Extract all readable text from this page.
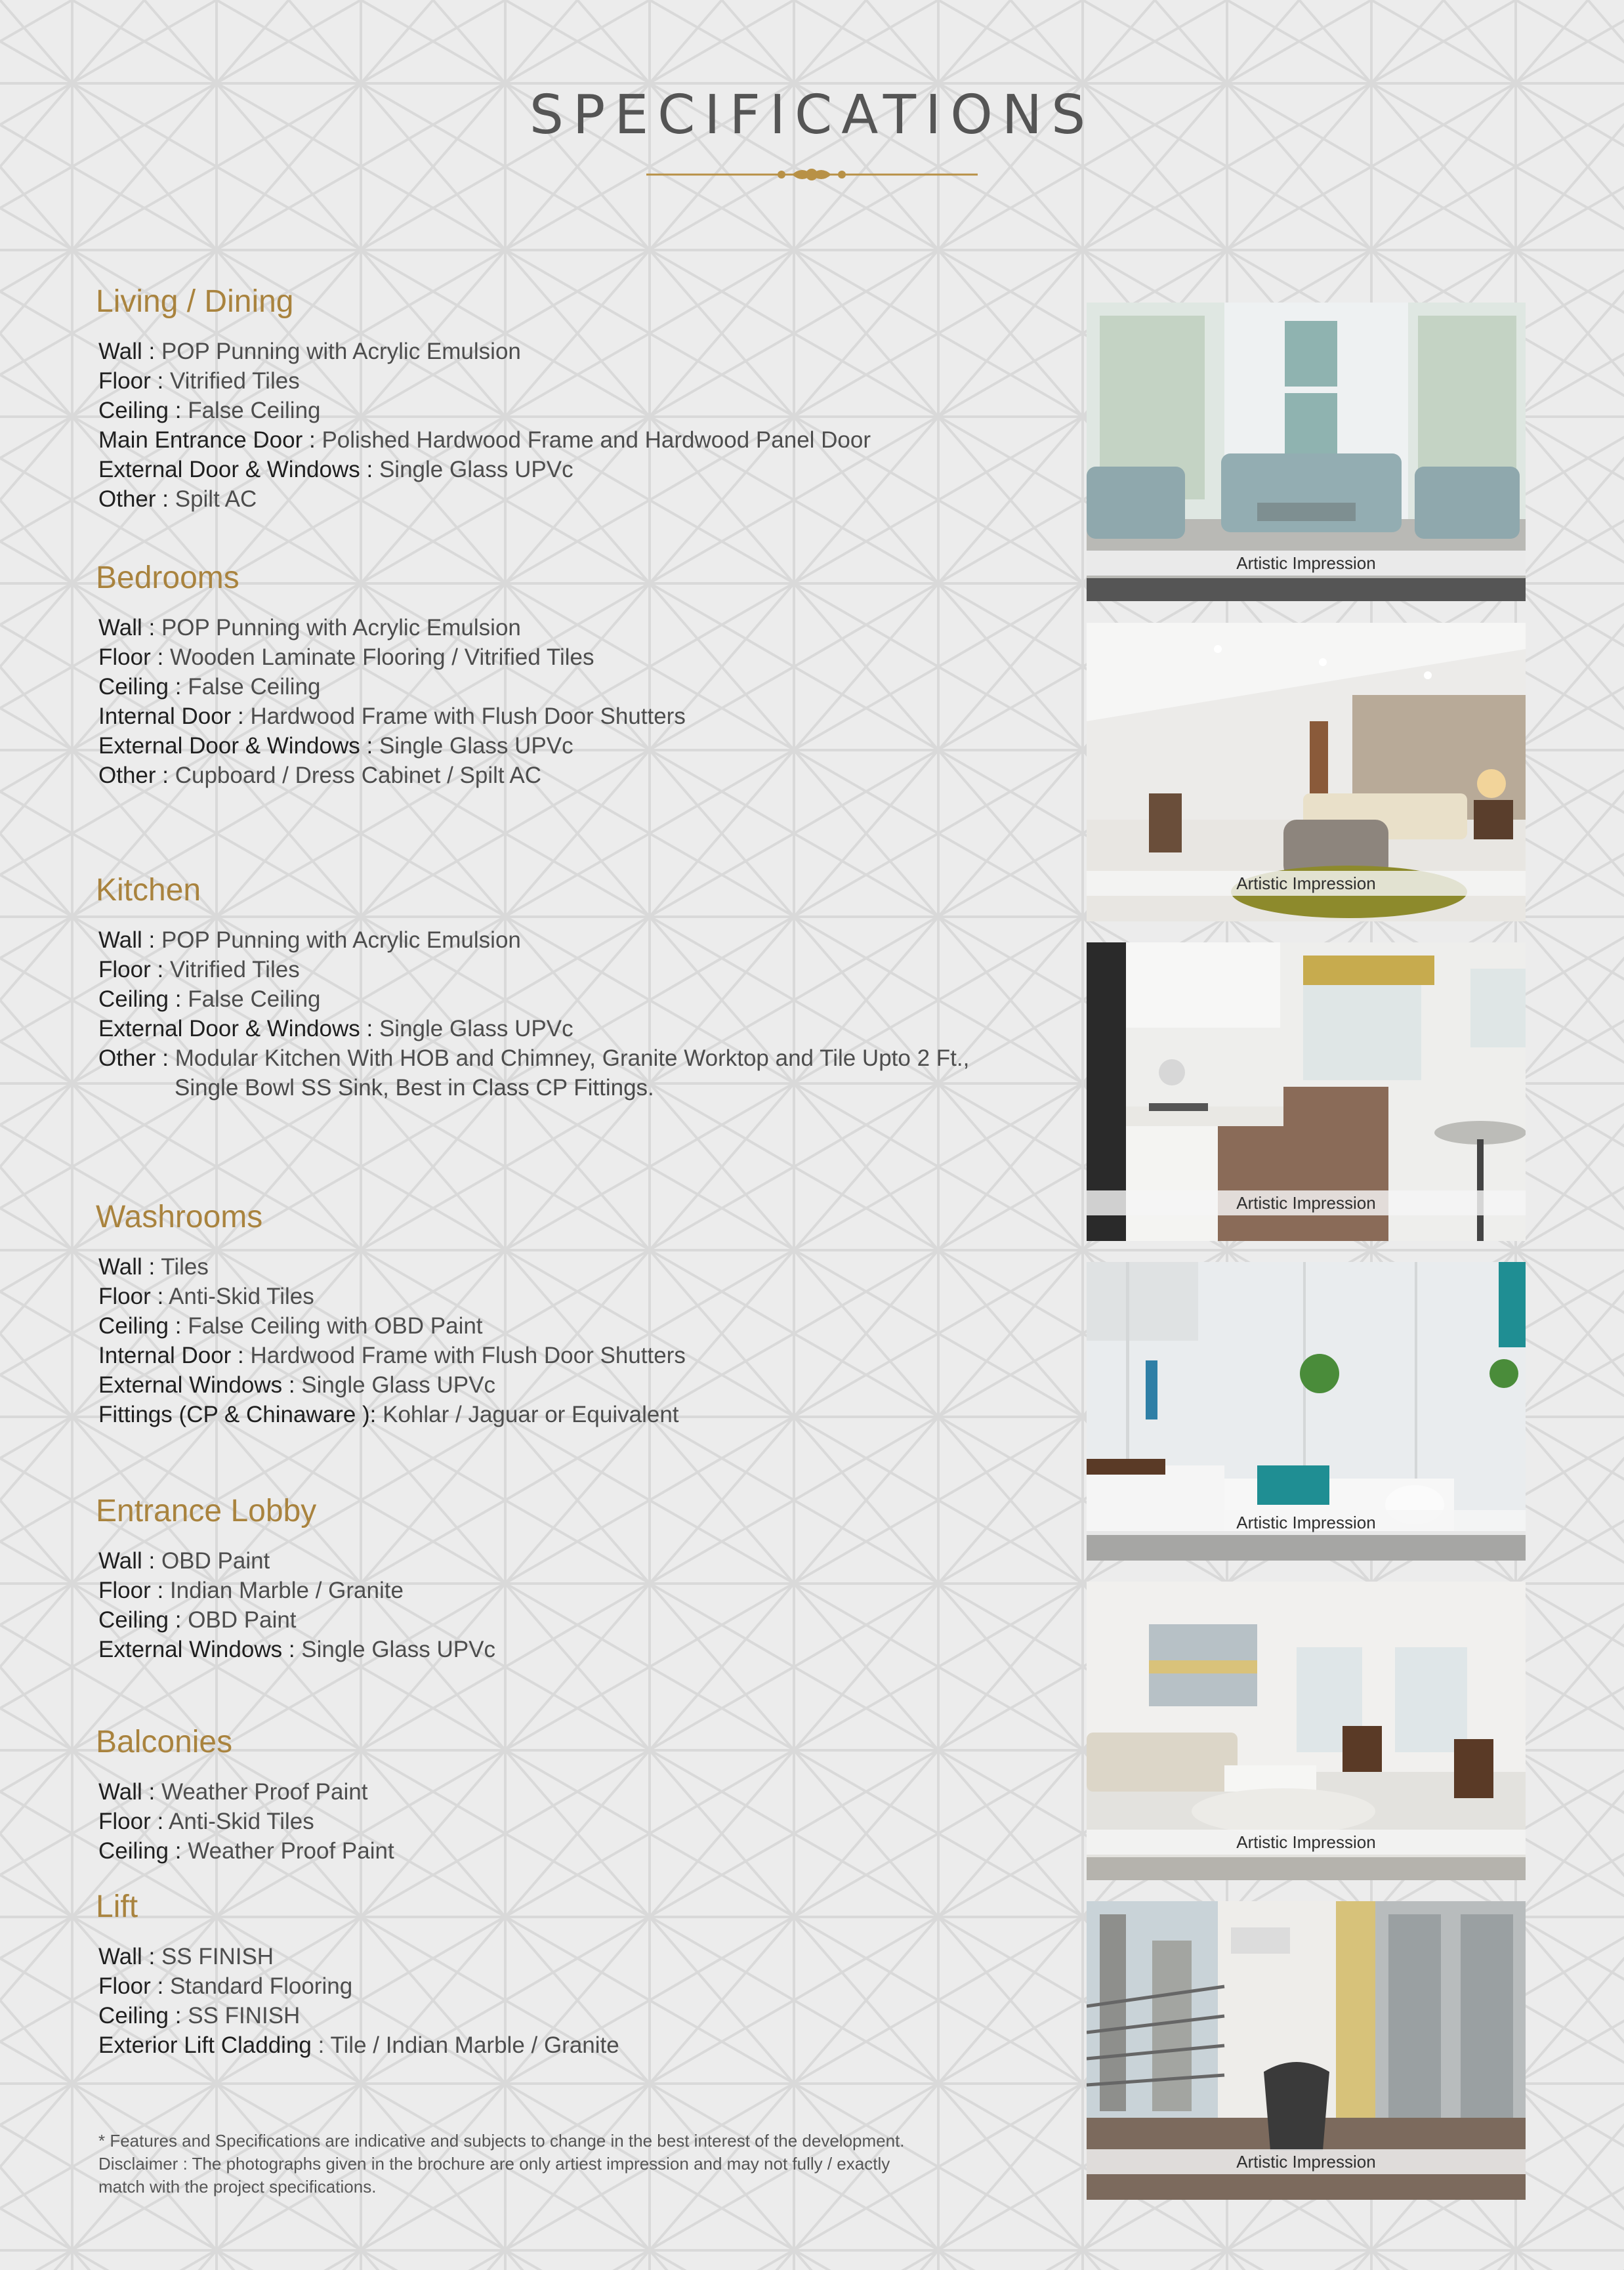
SPECIFICATIONS
Living / Dining
Wall : POP Punning with Acrylic Emulsion
Floor : Vitrified Tiles
Ceiling : False Ceiling
Main Entrance Door : Polished Hardwood Frame and Hardwood Panel Door
External Door & Windows : Single Glass UPVc
Other : Spilt AC
Bedrooms
Wall : POP Punning with Acrylic Emulsion
Floor : Wooden Laminate Flooring / Vitrified Tiles
Ceiling : False Ceiling
Internal Door : Hardwood Frame with Flush Door Shutters
External Door & Windows : Single Glass UPVc
Other : Cupboard / Dress Cabinet / Spilt AC
Kitchen
Wall : POP Punning with Acrylic Emulsion
Floor : Vitrified Tiles
Ceiling : False Ceiling
External Door & Windows : Single Glass UPVc
Other : Modular Kitchen With HOB and Chimney, Granite Worktop and Tile Upto 2 Ft.,
Single Bowl SS Sink, Best in Class CP Fittings.
Washrooms
Wall : Tiles
Floor : Anti-Skid Tiles
Ceiling : False Ceiling with OBD Paint
Internal Door : Hardwood Frame with Flush Door Shutters
External Windows : Single Glass UPVc
Fittings (CP & Chinaware ): Kohlar / Jaguar or Equivalent
Entrance Lobby
Wall : OBD Paint
Floor : Indian Marble / Granite
Ceiling : OBD Paint
External Windows : Single Glass UPVc
Balconies
Wall : Weather Proof Paint
Floor : Anti-Skid Tiles
Ceiling : Weather Proof Paint
Lift
Wall : SS FINISH
Floor : Standard Flooring
Ceiling : SS FINISH
Exterior Lift Cladding : Tile / Indian Marble / Granite
Artistic Impression
Artistic Impression
Artistic Impression
Artistic Impression
Artistic Impression
Artistic Impression
* Features and Specifications are indicative and subjects to change in the best interest of the development.
Disclaimer : The photographs given in the brochure are only artiest impression and may not fully / exactly
match with the project specifications.
